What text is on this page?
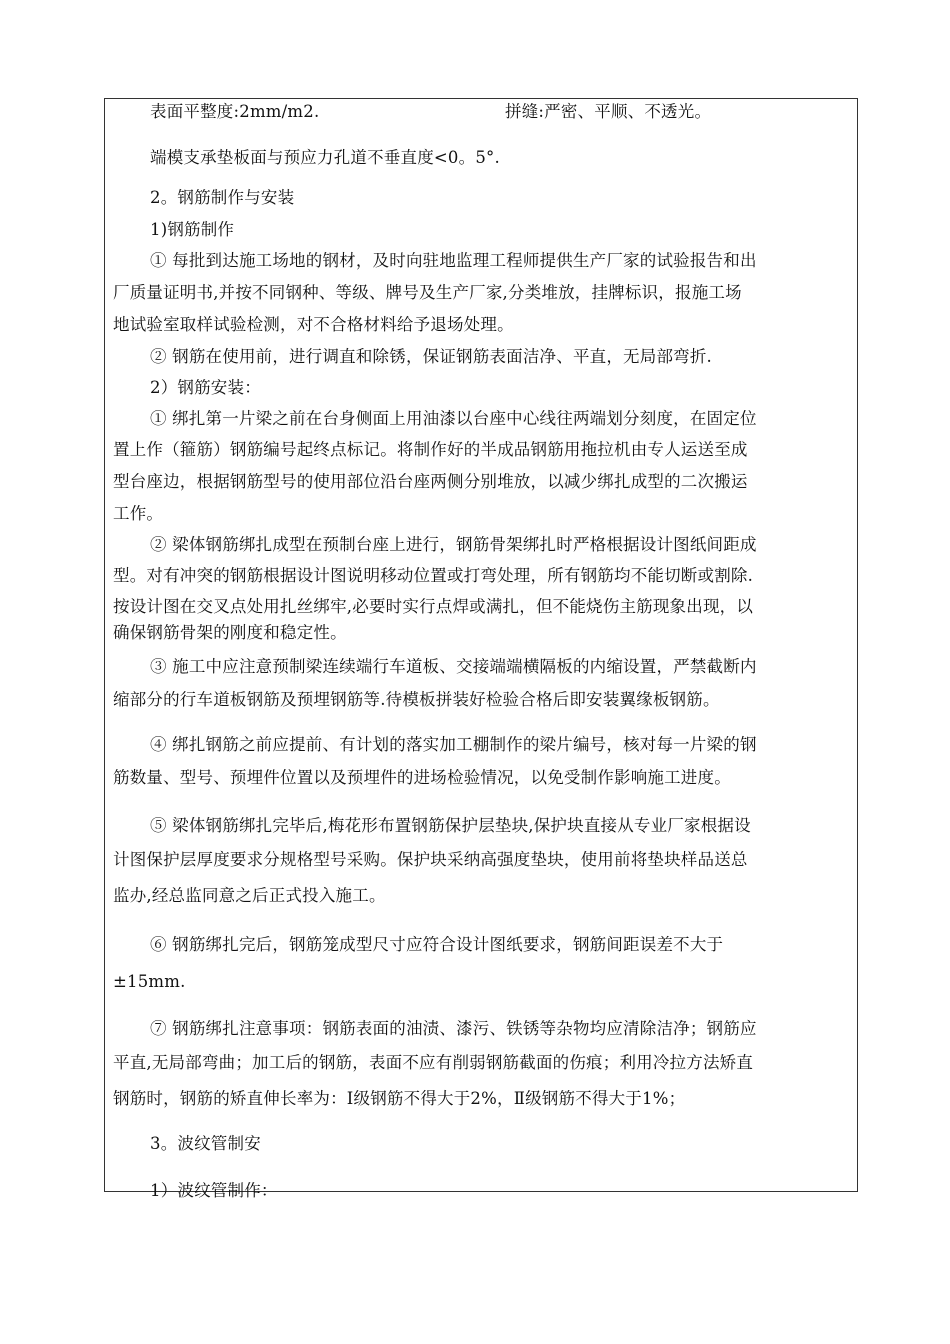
表面平整度:2mm/m2.	拼缝:严密、平顺、不透光。
端模支承垫板面与预应力孔道不垂直度<0。5°.
2。钢筋制作与安装
1)钢筋制作
① 每批到达施工场地的钢材，及时向驻地监理工程师提供生产厂家的试验报告和出
厂质量证明书,并按不同钢种、等级、牌号及生产厂家,分类堆放，挂牌标识，报施工场
地试验室取样试验检测，对不合格材料给予退场处理。
② 钢筋在使用前，进行调直和除锈，保证钢筋表面洁净、平直，无局部弯折.
2）钢筋安装：
① 绑扎第一片梁之前在台身侧面上用油漆以台座中心线往两端划分刻度，在固定位
置上作（箍筋）钢筋编号起终点标记。将制作好的半成品钢筋用拖拉机由专人运送至成
型台座边，根据钢筋型号的使用部位沿台座两侧分别堆放，以减少绑扎成型的二次搬运
工作。
② 梁体钢筋绑扎成型在预制台座上进行，钢筋骨架绑扎时严格根据设计图纸间距成
型。对有冲突的钢筋根据设计图说明移动位置或打弯处理，所有钢筋均不能切断或割除.
按设计图在交叉点处用扎丝绑牢,必要时实行点焊或满扎，但不能烧伤主筋现象出现，以
确保钢筋骨架的刚度和稳定性。
③ 施工中应注意预制梁连续端行车道板、交接端端横隔板的内缩设置，严禁截断内
缩部分的行车道板钢筋及预埋钢筋等.待模板拼装好检验合格后即安装翼缘板钢筋。
④ 绑扎钢筋之前应提前、有计划的落实加工棚制作的梁片编号，核对每一片梁的钢
筋数量、型号、预埋件位置以及预埋件的进场检验情况，以免受制作影响施工进度。
⑤ 梁体钢筋绑扎完毕后,梅花形布置钢筋保护层垫块,保护块直接从专业厂家根据设
计图保护层厚度要求分规格型号采购。保护块采纳高强度垫块，使用前将垫块样品送总
监办,经总监同意之后正式投入施工。
⑥ 钢筋绑扎完后，钢筋笼成型尺寸应符合设计图纸要求，钢筋间距误差不大于
±15mm.
⑦ 钢筋绑扎注意事项：钢筋表面的油渍、漆污、铁锈等杂物均应清除洁净；钢筋应
平直,无局部弯曲；加工后的钢筋，表面不应有削弱钢筋截面的伤痕；利用冷拉方法矫直
钢筋时，钢筋的矫直伸长率为：Ⅰ级钢筋不得大于2%，Ⅱ级钢筋不得大于1%；
3。波纹管制安
1）波纹管制作：
